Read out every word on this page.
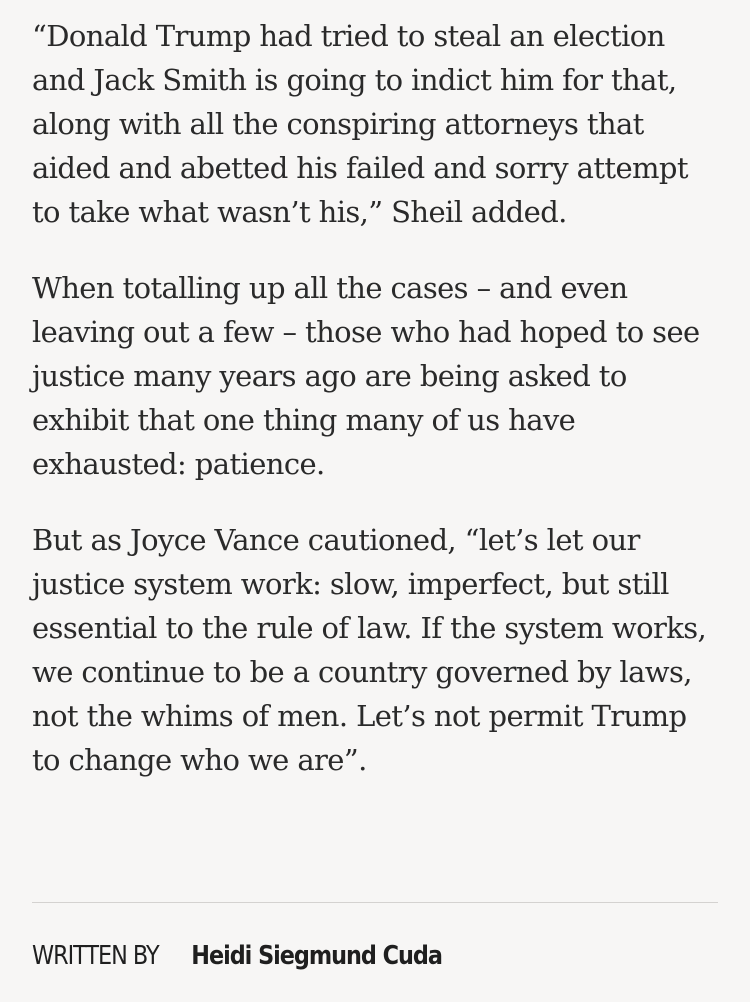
“Donald Trump had tried to steal an election and Jack Smith is going to indict him for that, along with all the conspiring attorneys that aided and abetted his failed and sorry attempt to take what wasn’t his,” Sheil added.

When totalling up all the cases – and even leaving out a few – those who had hoped to see justice many years ago are being asked to exhibit that one thing many of us have exhausted: patience.

But as Joyce Vance cautioned, “let’s let our justice system work: slow, imperfect, but still essential to the rule of law. If the system works, we continue to be a country governed by laws, not the whims of men. Let’s not permit Trump to change who we are”.

WRITTEN BY Heidi Siegmund Cuda
